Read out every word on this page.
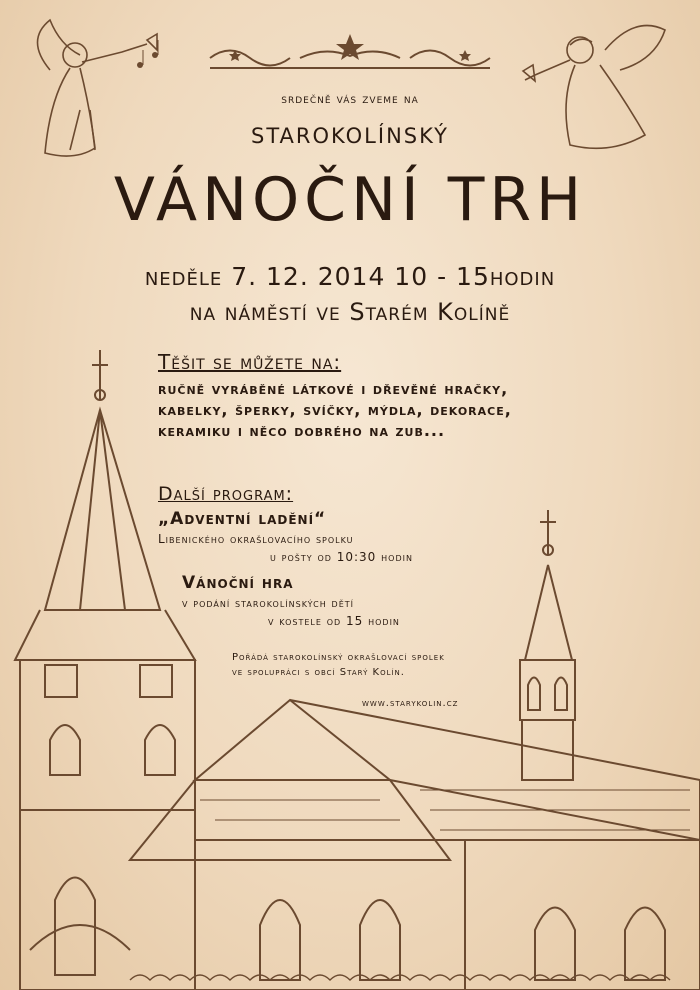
srdečně vás zveme na
starokolínský
VÁNOČNÍ TRH
neděle 7. 12. 2014 10 - 15hodin
na náměstí ve Starém Kolíně
Těšit se můžete na:
ručně vyráběné látkové i dřevěné hračky,
kabelky, šperky, svíčky, mýdla, dekorace,
keramiku i něco dobrého na zub...
Další program:
„Adventní ladění“
Libenického okrašlovacího spolku
u pošty od 10:30 hodin
Vánoční hra
v podání starokolínských dětí
v kostele od 15 hodin
Pořádá starokolínský okrašlovací spolek
ve spolupráci s obcí Starý Kolín.
www.starykolin.cz
